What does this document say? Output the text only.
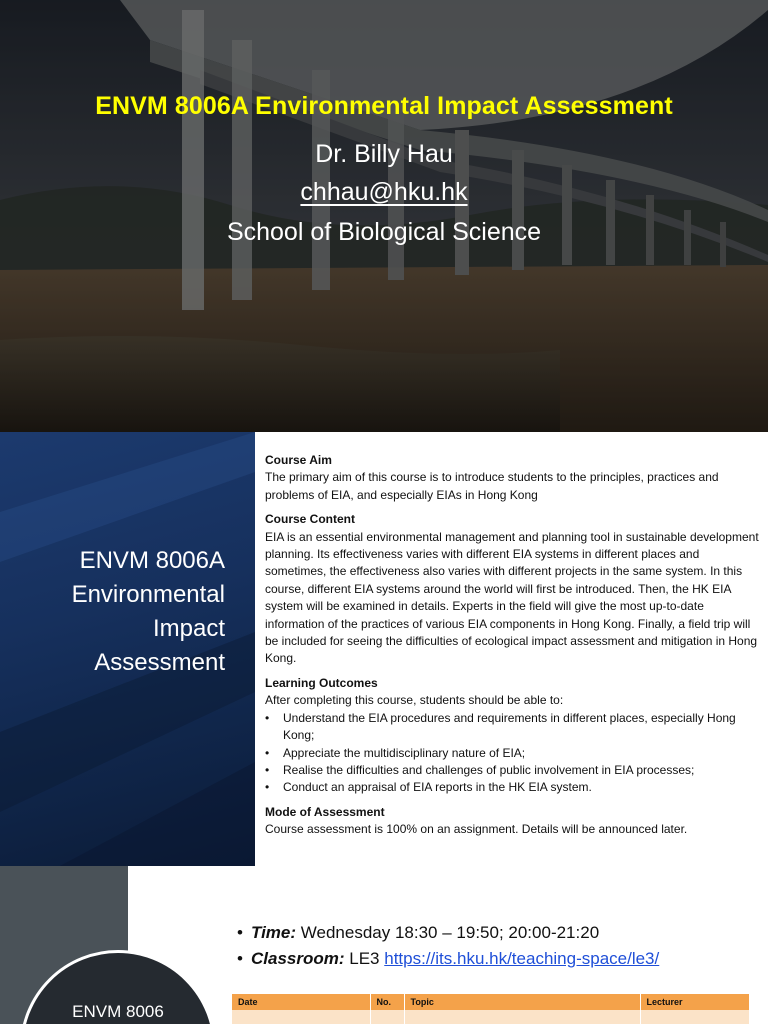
ENVM 8006A Environmental Impact Assessment
Dr. Billy Hau
chhau@hku.hk
School of Biological Science
ENVM 8006A
Environmental
Impact
Assessment
Course Aim

The primary aim of this course is to introduce students to the principles, practices and problems of EIA, and especially EIAs in Hong Kong

Course Content

EIA is an essential environmental management and planning tool in sustainable development planning. Its effectiveness varies with different EIA systems in different places and sometimes, the effectiveness also varies with different projects in the same system. In this course, different EIA systems around the world will first be introduced. Then, the HK EIA system will be examined in details. Experts in the field will give the most up-to-date information of the practices of various EIA components in Hong Kong. Finally, a field trip will be included for seeing the difficulties of ecological impact assessment and mitigation in Hong Kong.

Learning Outcomes

After completing this course, students should be able to:

• Understand the EIA procedures and requirements in different places, especially Hong Kong;
• Appreciate the multidisciplinary nature of EIA;
• Realise the difficulties and challenges of public involvement in EIA processes;
• Conduct an appraisal of EIA reports in the HK EIA system.
Mode of Assessment

Course assessment is 100% on an assignment. Details will be announced later.

ENVM 8006
• Time: Wednesday 18:30 – 19:50; 20:00-21:20
• Classroom: LE3 https://its.hku.hk/teaching-space/le3/
Date	No.	Topic	Lecturer
